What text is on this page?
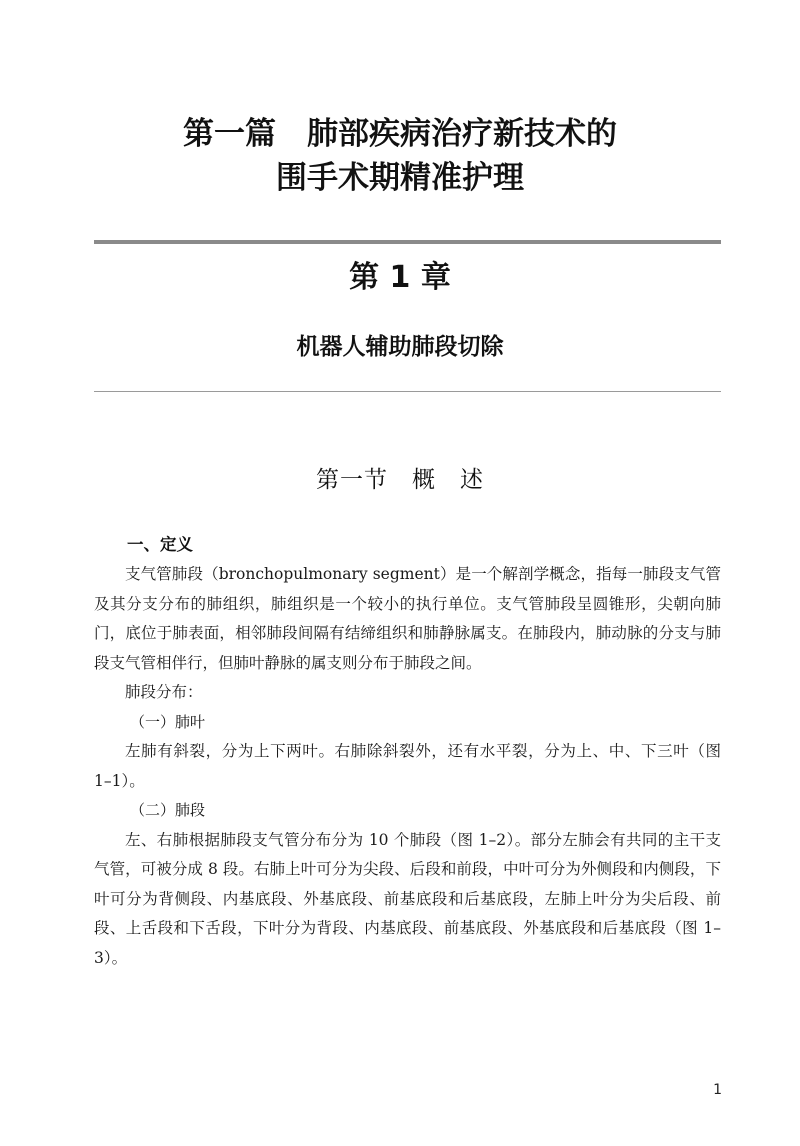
第一篇　肺部疾病治疗新技术的
围手术期精准护理
第 1 章
机器人辅助肺段切除
第一节　概　述

一、定义

支气管肺段（bronchopulmonary segment）是一个解剖学概念，指每一肺段支气管及其分支分布的肺组织，肺组织是一个较小的执行单位。支气管肺段呈圆锥形，尖朝向肺门，底位于肺表面，相邻肺段间隔有结缔组织和肺静脉属支。在肺段内，肺动脉的分支与肺段支气管相伴行，但肺叶静脉的属支则分布于肺段之间。

肺段分布：

（一）肺叶

左肺有斜裂，分为上下两叶。右肺除斜裂外，还有水平裂，分为上、中、下三叶（图 1–1）。

（二）肺段

左、右肺根据肺段支气管分布分为 10 个肺段（图 1–2）。部分左肺会有共同的主干支气管，可被分成 8 段。右肺上叶可分为尖段、后段和前段，中叶可分为外侧段和内侧段，下叶可分为背侧段、内基底段、外基底段、前基底段和后基底段，左肺上叶分为尖后段、前段、上舌段和下舌段，下叶分为背段、内基底段、前基底段、外基底段和后基底段（图 1–3）。

1
